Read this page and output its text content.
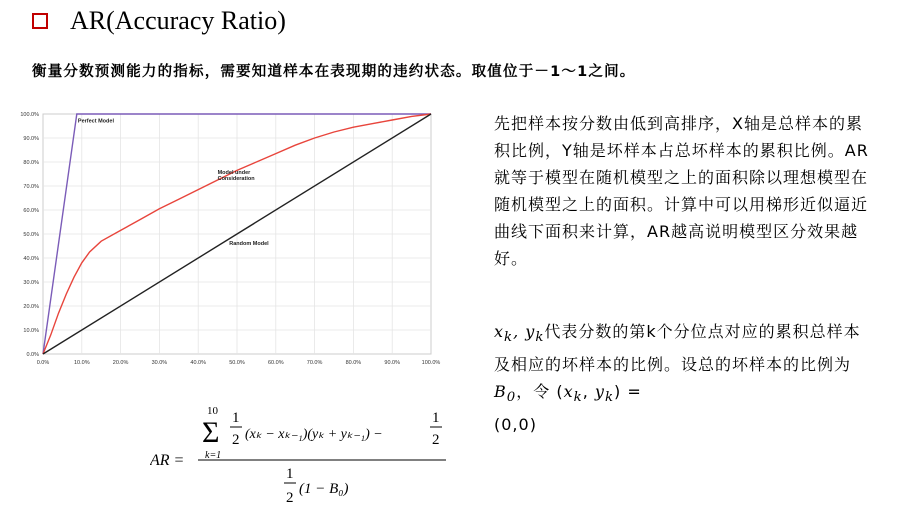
AR(Accuracy Ratio)
衡量分数预测能力的指标，需要知道样本在表现期的违约状态。取值位于－1～1之间。
0.0%
10.0%
20.0%
30.0%
40.0%
50.0%
60.0%
70.0%
80.0%
90.0%
100.0%
0.0%	10.0%	20.0%	30.0%	40.0%	50.0%	60.0%	70.0%	80.0%	90.0%	100.0%
Perfect Model
Model under
Consideration
Random Model
先把样本按分数由低到高排序，X轴是总样本的累积比例，Y轴是坏样本占总坏样本的累积比例。AR就等于模型在随机模型之上的面积除以理想模型在随机模型之上的面积。计算中可以用梯形近似逼近曲线下面积来计算，AR越高说明模型区分效果越好。
$x_k$, $y_k$代表分数的第k个分位点对应的累积总样本及相应的坏样本的比例。设总的坏样本的比例为$B_0$，令 ($x_k$, $y_k$) =
(0,0)
AR =
10
Σ
k=1
1
2 (xₖ − xₖ₋₁)(yₖ + yₖ₋₁) −
1
2
1
2
(1 − B₀)
